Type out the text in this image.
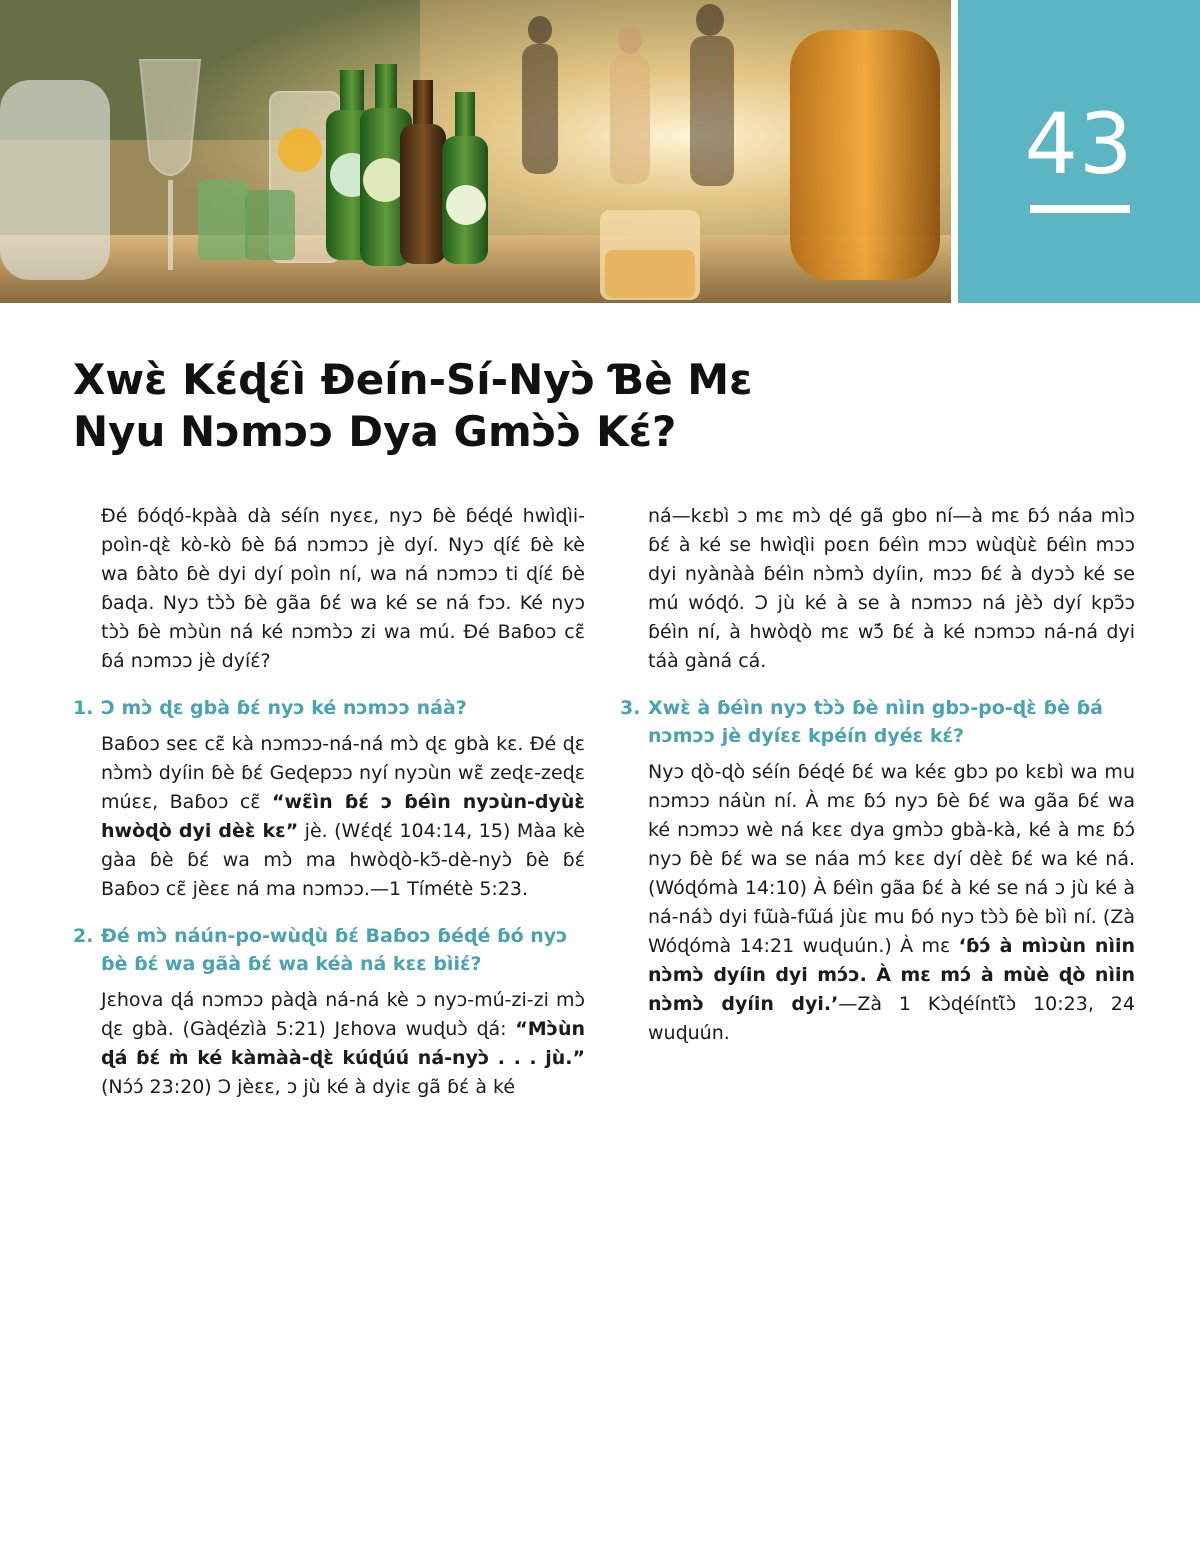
43
Xwɛ̀ Kɛ́ɖɛ́ì Ɖeín-Sí-Nyɔ̀ Ɓè Mɛ
Nyu Nɔmɔɔ Dya Gmɔ̀ɔ̀ Kɛ́?

Ɖé ɓóɖó-kpàà dà séín nyɛɛ, nyɔ ɓè ɓéɖé hwìɖìi-poìn-ɖɛ̀ kò-kò ɓè ɓá nɔmɔɔ jè dyí. Nyɔ ɖíɛ́ ɓè kè wa ɓàto ɓè dyi dyí poìn ní, wa ná nɔmɔɔ ti ɖíɛ́ ɓè ɓaɖa. Nyɔ tɔ̀ɔ̀ ɓè gãa ɓɛ́ wa ké se ná fɔɔ. Ké nyɔ tɔ̀ɔ̀ ɓè mɔ̀ùn ná ké nɔmɔ̀ɔ zi wa mú. Ɖé Baɓoɔ cɛ̃ ɓá nɔmɔɔ jè dyíɛ́?

1. Ɔ mɔ̀ ɖɛ gbà ɓɛ́ nyɔ ké nɔmɔɔ náà?

Baɓoɔ seɛ cɛ̃ kà nɔmɔɔ-ná-ná mɔ̀ ɖɛ gbà kɛ. Ɖé ɖɛ nɔ̀mɔ̀ dyíin ɓè ɓɛ́ Geɖepɔɔ nyí nyɔùn wɛ̃ zeɖɛ-zeɖɛ múɛɛ, Baɓoɔ cɛ̃ “wɛ̃ìn ɓɛ́ ɔ ɓéìn nyɔùn-dyùɛ̀ hwòɖò dyi dèɛ̀ kɛ” jè. (Wɛ́ɖɛ́ 104:14, 15) Màa kè gàa ɓè ɓɛ́ wa mɔ̀ ma hwòɖò-kɔ̃-dè-nyɔ̀ ɓè ɓɛ́ Baɓoɔ cɛ̃ jèɛɛ ná ma nɔmɔɔ.—1 Tímétè 5:23.

2. Ɖé mɔ̀ náún-po-wùɖù ɓɛ́ Baɓoɔ ɓéɖé ɓó nyɔ ɓè ɓɛ́ wa gãà ɓɛ́ wa kéà ná kɛɛ bìiɛ́?

Jɛhova ɖá nɔmɔɔ pàɖà ná-ná kè ɔ nyɔ-mú-zi-zi mɔ̀ ɖɛ gbà. (Gàɖézìà 5:21) Jɛhova wuɖuɔ̀ ɖá: “Mɔ̀ùn ɖá ɓɛ́ m̀ ké kàmàà-ɖɛ̀ kúɖúú ná-nyɔ̀ . . . jù.” (Nɔ́ɔ́ 23:20) Ɔ jèɛɛ, ɔ jù ké à dyiɛ gã ɓɛ́ à ké

ná—kɛbì ɔ mɛ mɔ̀ ɖé gã gbo ní—à mɛ ɓɔ́ náa mìɔ ɓɛ́ à ké se hwìɖìi poɛn ɓéìn mɔɔ wùɖùɛ̀ ɓéìn mɔɔ dyi nyànàà ɓéìn nɔ̀mɔ̀ dyíin, mɔɔ ɓɛ́ à dyɔɔ̀ ké se mú wóɖó. Ɔ jù ké à se à nɔmɔɔ ná jèɔ̀ dyí kpɔ̃ɔ ɓéìn ní, à hwòɖò mɛ wɔ̃́ ɓɛ́ à ké nɔmɔɔ ná-ná dyi táà gàná cá.

3. Xwɛ̀ à ɓéìn nyɔ tɔ̀ɔ̀ ɓè nìin gbɔ-po-ɖɛ̀ ɓè ɓá nɔmɔɔ jè dyíɛɛ kpéín dyéɛ kɛ́?

Nyɔ ɖò-ɖò séín ɓéɖé ɓɛ́ wa kéɛ gbɔ po kɛbì wa mu nɔmɔɔ náùn ní. À mɛ ɓɔ́ nyɔ ɓè ɓɛ́ wa gãa ɓɛ́ wa ké nɔmɔɔ wè ná kɛɛ dya gmɔ̀ɔ gbà-kà, ké à mɛ ɓɔ́ nyɔ ɓè ɓɛ́ wa se náa mɔ́ kɛɛ dyí dèɛ̀ ɓɛ́ wa ké ná. (Wóɖómà 14:10) À ɓéìn gãa ɓɛ́ à ké se ná ɔ jù ké à ná-náɔ̀ dyi fɯ̃à-fɯ̃á jùɛ mu ɓó nyɔ tɔ̀ɔ̀ ɓè bìì ní. (Zà Wóɖómà 14:21 wuɖuún.) À mɛ ‘ɓɔ́ à mìɔùn nìin nɔ̀mɔ̀ dyíin dyi mɔ́ɔ. À mɛ mɔ́ à mùè ɖò nìin nɔ̀mɔ̀ dyíin dyi.’—Zà 1 Kɔ̀ɖéíntɩ̃̀ɔ̀ 10:23, 24 wuɖuún.
